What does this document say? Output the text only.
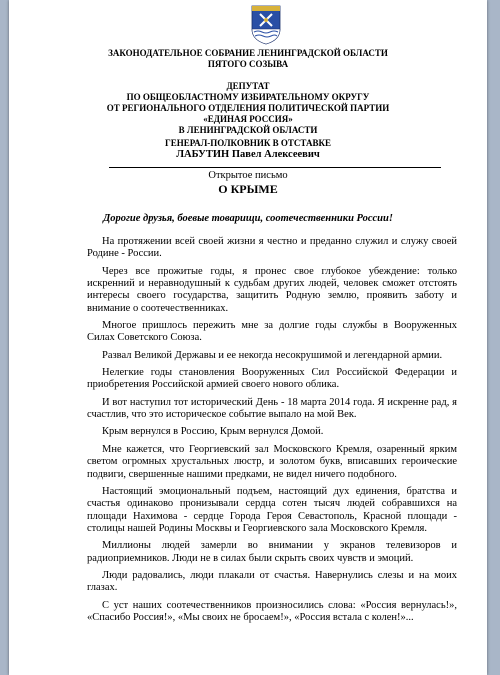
ЗАКОНОДАТЕЛЬНОЕ СОБРАНИЕ ЛЕНИНГРАДСКОЙ ОБЛАСТИ
ПЯТОГО СОЗЫВА
ДЕПУТАТ
ПО ОБЩЕОБЛАСТНОМУ ИЗБИРАТЕЛЬНОМУ ОКРУГУ
ОТ РЕГИОНАЛЬНОГО ОТДЕЛЕНИЯ ПОЛИТИЧЕСКОЙ ПАРТИИ
«ЕДИНАЯ РОССИЯ»
В ЛЕНИНГРАДСКОЙ ОБЛАСТИ
ГЕНЕРАЛ-ПОЛКОВНИК В ОТСТАВКЕ
ЛАБУТИН Павел Алексеевич
Открытое письмо
О КРЫМЕ
Дорогие друзья, боевые товарищи, соотечественники России!

На протяжении всей своей жизни я честно и преданно служил и служу своей Родине - России.

Через все прожитые годы, я пронес свое глубокое убеждение: только искренний и неравнодушный к судьбам других людей, человек сможет отстоять интересы своего государства, защитить Родную землю, проявить заботу и внимание о соотечественниках.

Многое пришлось пережить мне за долгие годы службы в Вооруженных Силах Советского Союза.

Развал Великой Державы и ее некогда несокрушимой и легендарной армии.

Нелегкие годы становления Вооруженных Сил Российской Федерации и приобретения Российской армией своего нового облика.

И вот наступил тот исторический День - 18 марта 2014 года. Я искренне рад, я счастлив, что это историческое событие выпало на мой Век.

Крым вернулся в Россию, Крым вернулся Домой.

Мне кажется, что Георгиевский зал Московского Кремля, озаренный ярким светом огромных хрустальных люстр, и золотом букв, вписавших героические подвиги, свершенные нашими предками, не видел ничего подобного.

Настоящий эмоциональный подъем, настоящий дух единения, братства и счастья одинаково пронизывали сердца сотен тысяч людей собравшихся на площади Нахимова - сердце Города Героя Севастополь, Красной площади - столицы нашей Родины Москвы и Георгиевского зала Московского Кремля.

Миллионы людей замерли во внимании у экранов телевизоров и радиоприемников. Люди не в силах были скрыть своих чувств и эмоций.

Люди радовались, люди плакали от счастья. Навернулись слезы и на моих глазах.

С уст наших соотечественников произносились слова: «Россия вернулась!», «Спасибо Россия!», «Мы своих не бросаем!», «Россия встала с колен!»...
